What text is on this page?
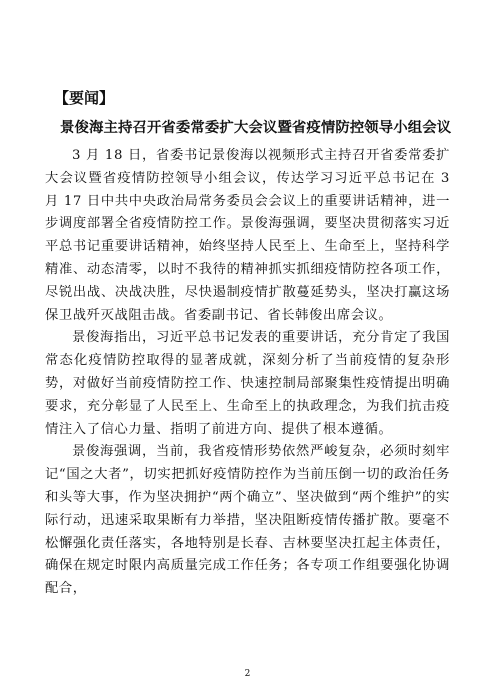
【要闻】
景俊海主持召开省委常委扩大会议暨省疫情防控领导小组会议

3 月 18 日，省委书记景俊海以视频形式主持召开省委常委扩大会议暨省疫情防控领导小组会议，传达学习习近平总书记在 3 月 17 日中共中央政治局常务委员会会议上的重要讲话精神，进一步调度部署全省疫情防控工作。景俊海强调，要坚决贯彻落实习近平总书记重要讲话精神，始终坚持人民至上、生命至上，坚持科学精准、动态清零，以时不我待的精神抓实抓细疫情防控各项工作，尽锐出战、决战决胜，尽快遏制疫情扩散蔓延势头，坚决打赢这场保卫战歼灭战阻击战。省委副书记、省长韩俊出席会议。

景俊海指出，习近平总书记发表的重要讲话，充分肯定了我国常态化疫情防控取得的显著成就，深刻分析了当前疫情的复杂形势，对做好当前疫情防控工作、快速控制局部聚集性疫情提出明确要求，充分彰显了人民至上、生命至上的执政理念，为我们抗击疫情注入了信心力量、指明了前进方向、提供了根本遵循。

景俊海强调，当前，我省疫情形势依然严峻复杂，必须时刻牢记“国之大者”，切实把抓好疫情防控作为当前压倒一切的政治任务和头等大事，作为坚决拥护“两个确立”、坚决做到“两个维护”的实际行动，迅速采取果断有力举措，坚决阻断疫情传播扩散。要毫不松懈强化责任落实，各地特别是长春、吉林要坚决扛起主体责任，确保在规定时限内高质量完成工作任务；各专项工作组要强化协调配合，

2
